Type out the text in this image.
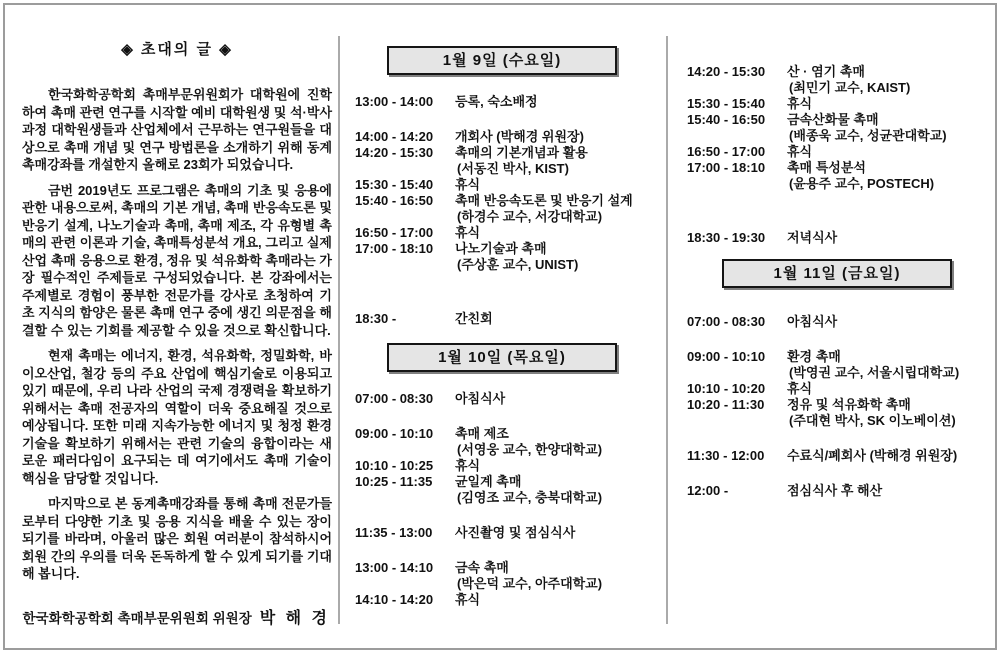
◈ 초대의 글 ◈

한국화학공학회 촉매부문위원회가 대학원에 진학하여 촉매 관련 연구를 시작할 예비 대학원생 및 석·박사 과정 대학원생들과 산업체에서 근무하는 연구원들을 대상으로 촉매 개념 및 연구 방법론을 소개하기 위해 동계촉매강좌를 개설한지 올해로 23회가 되었습니다.

금번 2019년도 프로그램은 촉매의 기초 및 응용에 관한 내용으로써, 촉매의 기본 개념, 촉매 반응속도론 및 반응기 설계, 나노기술과 촉매, 촉매 제조, 각 유형별 촉매의 관련 이론과 기술, 촉매특성분석 개요, 그리고 실제 산업 촉매 응용으로 환경, 정유 및 석유화학 촉매라는 가장 필수적인 주제들로 구성되었습니다. 본 강좌에서는 주제별로 경험이 풍부한 전문가를 강사로 초청하여 기초 지식의 함양은 물론 촉매 연구 중에 생긴 의문점을 해결할 수 있는 기회를 제공할 수 있을 것으로 확신합니다.

현재 촉매는 에너지, 환경, 석유화학, 정밀화학, 바이오산업, 철강 등의 주요 산업에 핵심기술로 이용되고 있기 때문에, 우리 나라 산업의 국제 경쟁력을 확보하기 위해서는 촉매 전공자의 역할이 더욱 중요해질 것으로 예상됩니다. 또한 미래 지속가능한 에너지 및 청정 환경기술을 확보하기 위해서는 관련 기술의 융합이라는 새로운 패러다임이 요구되는 데 여기에서도 촉매 기술이 핵심을 담당할 것입니다.

마지막으로 본 동계촉매강좌를 통해 촉매 전문가들로부터 다양한 기초 및 응용 지식을 배울 수 있는 장이 되기를 바라며, 아울러 많은 회원 여러분이 참석하시어 회원 간의 우의를 더욱 돈독하게 할 수 있게 되기를 기대해 봅니다.

한국화학공학회 촉매부문위원회 위원장 박 해 경
1월 9일 (수요일)
13:00 - 14:00	등록, 숙소배정
14:00 - 14:20	개회사 (박해경 위원장)
14:20 - 15:30	촉매의 기본개념과 활용
(서동진 박사, KIST)
15:30 - 15:40	휴식
15:40 - 16:50	촉매 반응속도론 및 반응기 설계
(하경수 교수, 서강대학교)
16:50 - 17:00	휴식
17:00 - 18:10	나노기술과 촉매
(주상훈 교수, UNIST)
18:30 -	간친회
1월 10일 (목요일)
07:00 - 08:30	아침식사
09:00 - 10:10	촉매 제조
(서영웅 교수, 한양대학교)
10:10 - 10:25	휴식
10:25 - 11:35	균일계 촉매
(김영조 교수, 충북대학교)
11:35 - 13:00	사진촬영 및 점심식사
13:00 - 14:10	금속 촉매
(박은덕 교수, 아주대학교)
14:10 - 14:20	휴식
14:20 - 15:30	산 · 염기 촉매
(최민기 교수, KAIST)
15:30 - 15:40	휴식
15:40 - 16:50	금속산화물 촉매
(배종욱 교수, 성균관대학교)
16:50 - 17:00	휴식
17:00 - 18:10	촉매 특성분석
(윤용주 교수, POSTECH)
18:30 - 19:30	저녁식사
1월 11일 (금요일)
07:00 - 08:30	아침식사
09:00 - 10:10	환경 촉매
(박영권 교수, 서울시립대학교)
10:10 - 10:20	휴식
10:20 - 11:30	정유 및 석유화학 촉매
(주대현 박사, SK 이노베이션)
11:30 - 12:00	수료식/폐회사 (박해경 위원장)
12:00 -	점심식사 후 해산
